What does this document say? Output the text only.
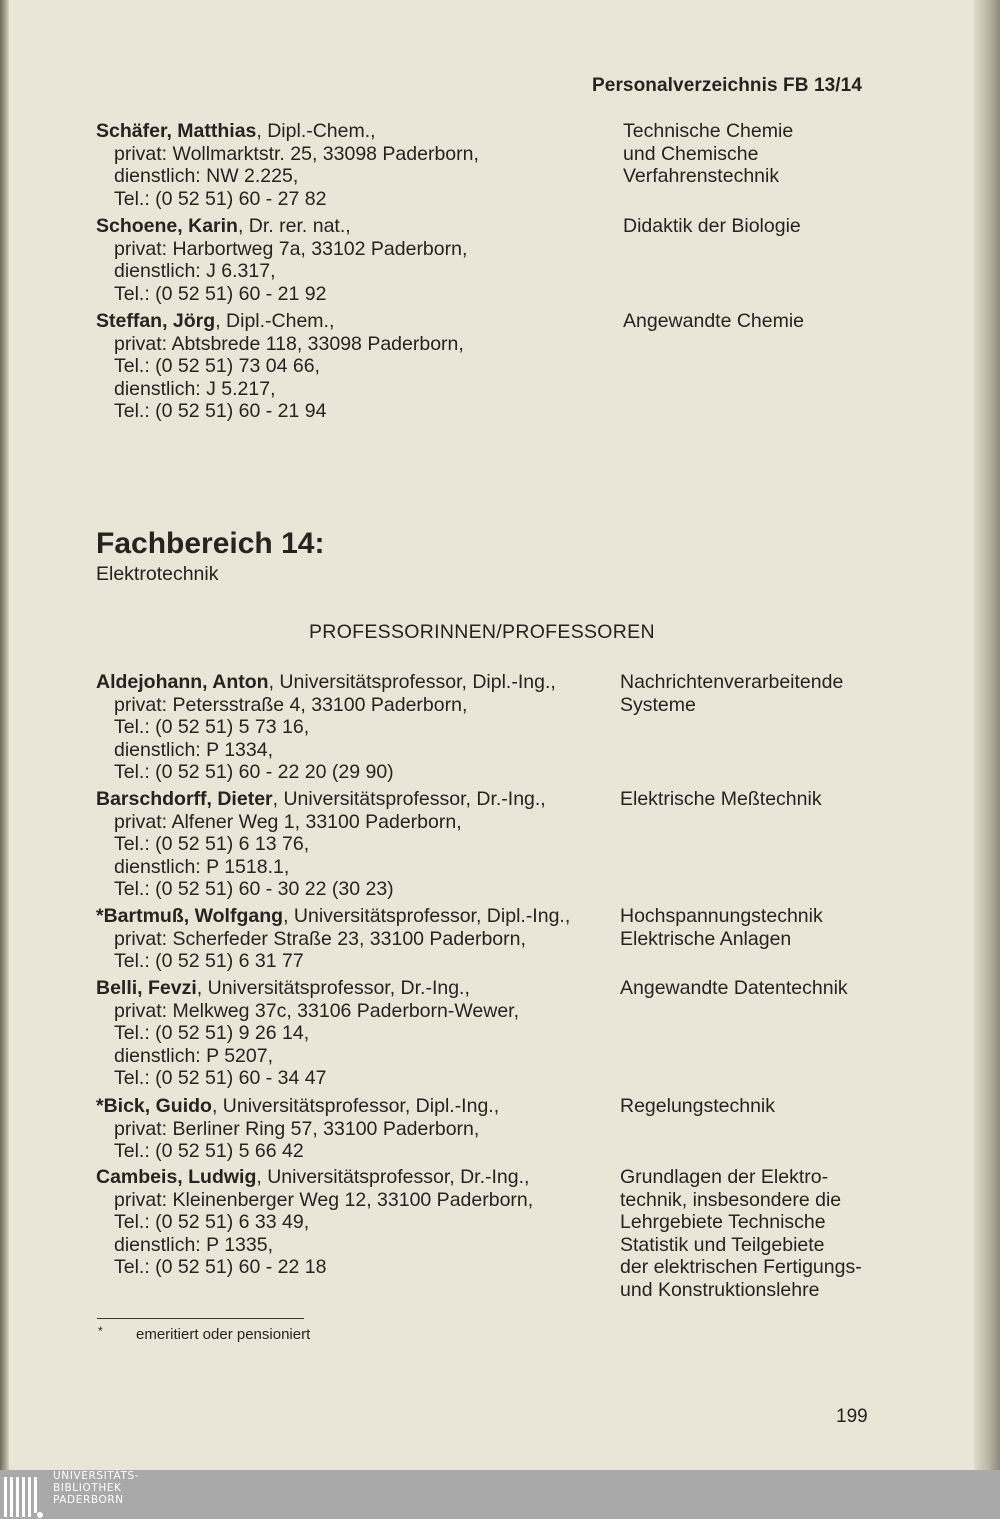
Personalverzeichnis FB 13/14
Schäfer, Matthias, Dipl.-Chem.,
privat: Wollmarktstr. 25, 33098 Paderborn,
dienstlich: NW 2.225,
Tel.: (0 52 51) 60 - 27 82
Technische Chemie
und Chemische
Verfahrenstechnik
Schoene, Karin, Dr. rer. nat.,
privat: Harbortweg 7a, 33102 Paderborn,
dienstlich: J 6.317,
Tel.: (0 52 51) 60 - 21 92
Didaktik der Biologie
Steffan, Jörg, Dipl.-Chem.,
privat: Abtsbrede 118, 33098 Paderborn,
Tel.: (0 52 51) 73 04 66,
dienstlich: J 5.217,
Tel.: (0 52 51) 60 - 21 94
Angewandte Chemie
Fachbereich 14:
Elektrotechnik
PROFESSORINNEN/PROFESSOREN
Aldejohann, Anton, Universitätsprofessor, Dipl.-Ing.,
privat: Petersstraße 4, 33100 Paderborn,
Tel.: (0 52 51) 5 73 16,
dienstlich: P 1334,
Tel.: (0 52 51) 60 - 22 20 (29 90)
Nachrichtenverarbeitende
Systeme
Barschdorff, Dieter, Universitätsprofessor, Dr.-Ing.,
privat: Alfener Weg 1, 33100 Paderborn,
Tel.: (0 52 51) 6 13 76,
dienstlich: P 1518.1,
Tel.: (0 52 51) 60 - 30 22 (30 23)
Elektrische Meßtechnik
*Bartmuß, Wolfgang, Universitätsprofessor, Dipl.-Ing.,
privat: Scherfeder Straße 23, 33100 Paderborn,
Tel.: (0 52 51) 6 31 77
Hochspannungstechnik
Elektrische Anlagen
Belli, Fevzi, Universitätsprofessor, Dr.-Ing.,
privat: Melkweg 37c, 33106 Paderborn-Wewer,
Tel.: (0 52 51) 9 26 14,
dienstlich: P 5207,
Tel.: (0 52 51) 60 - 34 47
Angewandte Datentechnik
*Bick, Guido, Universitätsprofessor, Dipl.-Ing.,
privat: Berliner Ring 57, 33100 Paderborn,
Tel.: (0 52 51) 5 66 42
Regelungstechnik
Cambeis, Ludwig, Universitätsprofessor, Dr.-Ing.,
privat: Kleinenberger Weg 12, 33100 Paderborn,
Tel.: (0 52 51) 6 33 49,
dienstlich: P 1335,
Tel.: (0 52 51) 60 - 22 18
Grundlagen der Elektro-
technik, insbesondere die
Lehrgebiete Technische
Statistik und Teilgebiete
der elektrischen Fertigungs-
und Konstruktionslehre
* emeritiert oder pensioniert
199
UNIVERSITÄTS-
BIBLIOTHEK
PADERBORN
